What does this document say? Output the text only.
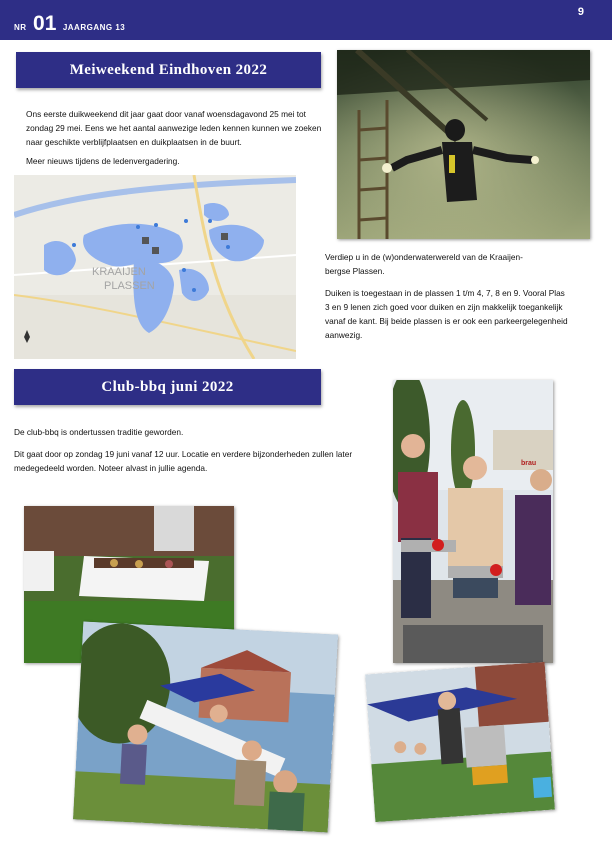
NR 01 JAARGANG 13
9
Meiweekend Eindhoven 2022
Ons eerste duikweekend dit jaar gaat door vanaf woensdagavond 25 mei tot zondag 29 mei. Eens we het aantal aanwezige leden kennen kunnen we zoeken naar geschikte verblijfplaatsen en duikplaatsen in de buurt.
Meer nieuws tijdens de ledenvergadering.
KRAAIJEN
PLASSEN
Verdiep u in de (w)onderwaterwereld van de Kraaijen-
bergse Plassen.
Duiken is toegestaan in de plassen 1 t/m 4, 7, 8 en 9. Vooral Plas 3 en 9 lenen zich goed voor duiken en zijn makkelijk toegankelijk vanaf de kant. Bij beide plassen is er ook een parkeergelegenheid aanwezig.
Club-bbq juni 2022
De club-bbq is ondertussen traditie geworden.
Dit gaat door op zondag 19 juni vanaf 12 uur. Locatie en verdere bijzonderheden zullen later medegedeeld worden. Noteer alvast in jullie agenda.	brau
